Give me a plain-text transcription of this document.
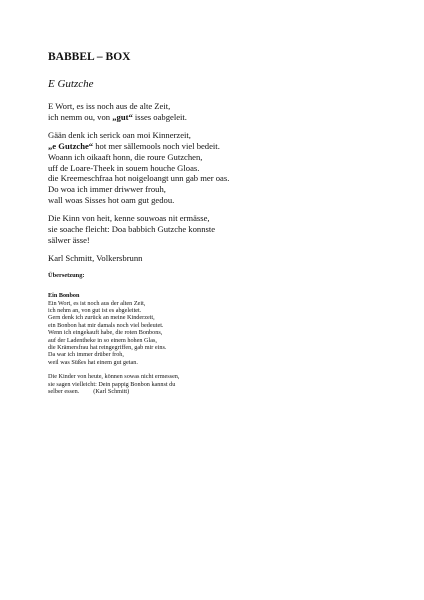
BABBEL – BOX
E Gutzche
E Wort, es iss noch aus de alte Zeit,
ich nemm ou, von „gut“ isses oabgeleit.
Gään denk ich serick oan moi Kinnerzeit,
„e Gutzche“ hot mer sällemools noch viel bedeit.
Woann ich oikaaft honn, die roure Gutzchen,
uff de Loare-Theek in souem houche Gloas.
die Kreemeschfraa hot noigeloangt unn gab mer oas.
Do woa ich immer driwwer frouh,
wall woas Sisses hot oam gut gedou.
Die Kinn von heit, kenne souwoas nit ermässe,
sie soache fleicht: Doa babbich Gutzche konnste
sälwer ässe!
Karl Schmitt, Volkersbrunn
Übersetzung:
Ein Bonbon
Ein Wort, es ist noch aus der alten Zeit,
ich nehm an, von gut ist es abgeleitet.
Gern denk ich zurück an meine Kinderzeit,
ein Bonbon hat mir damals noch viel bedeutet.
Wenn ich eingekauft habe, die roten Bonbons,
auf der Ladentheke in so einem hohen Glas,
die Krämersfrau hat reingegriffen, gab mir eins.
Da war ich immer drüber froh,
weil was Süßes hat einem gut getan.
Die Kinder von heute, können sowas nicht ermessen,
sie sagen vielleicht: Dein pappig Bonbon kannst du
selber essen. (Karl Schmitt)
